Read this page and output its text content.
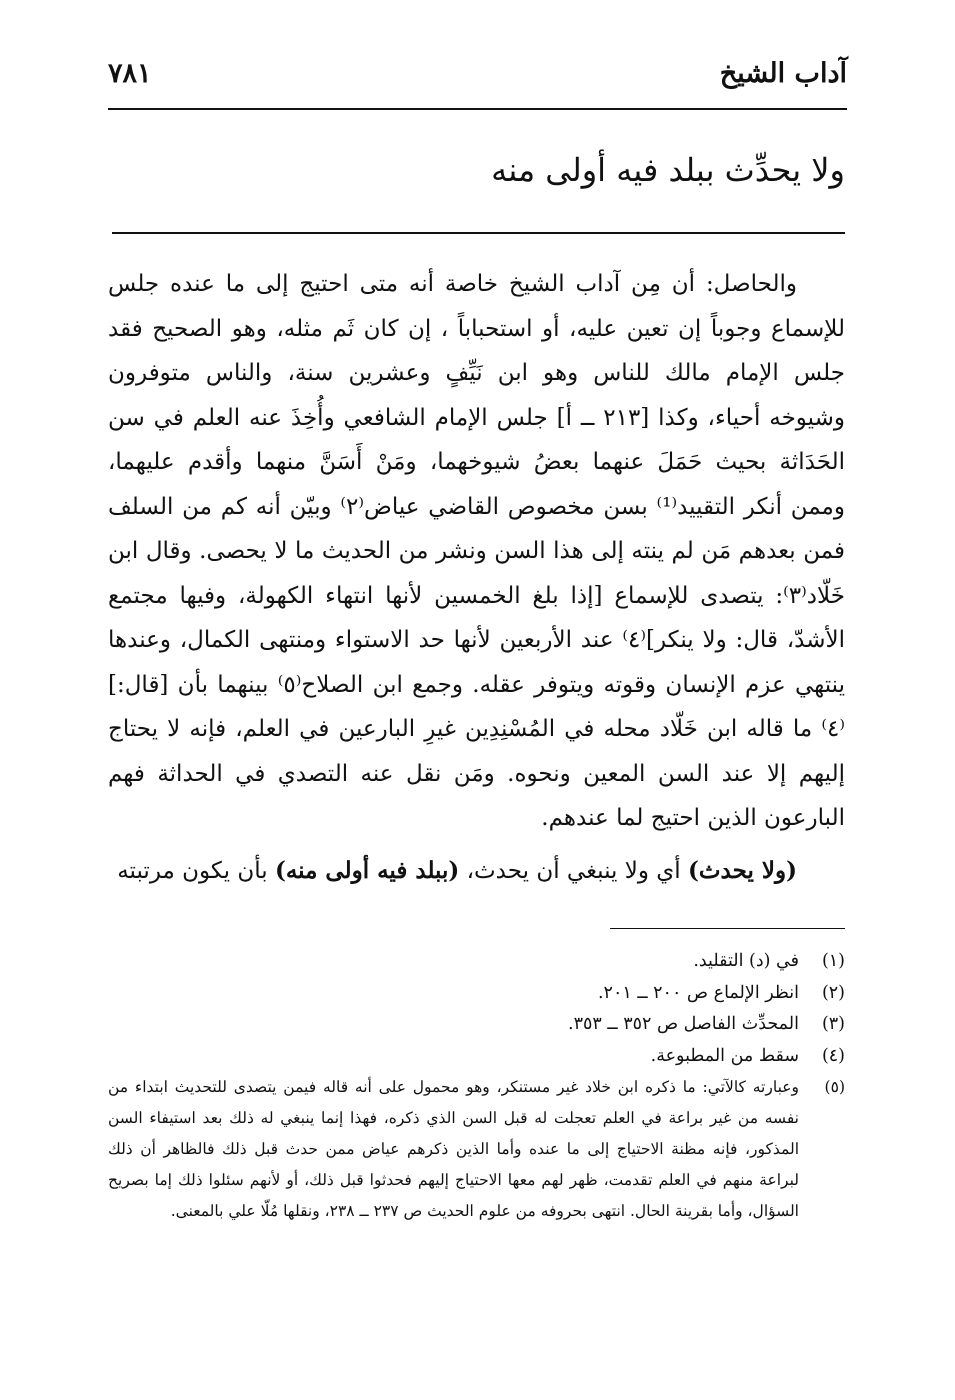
آداب الشيخ
٧٨١
ولا يحدِّث ببلد فيه أولى منه

والحاصل: أن مِن آداب الشيخ خاصة أنه متى احتيج إلى ما عنده جلس للإسماع وجوباً إن تعين عليه، أو استحباباً ، إن كان ثَم مثله، وهو الصحيح فقد جلس الإمام مالك للناس وهو ابن نَيِّفٍ وعشرين سنة، والناس متوفرون وشيوخه أحياء، وكذا [٢١٣ ــ أ] جلس الإمام الشافعي وأُخِذَ عنه العلم في سن الحَدَاثة بحيث حَمَلَ عنهما بعضُ شيوخهما، ومَنْ أَسَنَّ منهما وأقدم عليهما، وممن أنكر التقييد⁽¹⁾ بسن مخصوص القاضي عياض⁽٢⁾ وبيّن أنه كم من السلف فمن بعدهم مَن لم ينته إلى هذا السن ونشر من الحديث ما لا يحصى. وقال ابن خَلّاد⁽٣⁾: يتصدى للإسماع [إذا بلغ الخمسين لأنها انتهاء الكهولة، وفيها مجتمع الأشدّ، قال: ولا ينكر]⁽٤⁾ عند الأربعين لأنها حد الاستواء ومنتهى الكمال، وعندها ينتهي عزم الإنسان وقوته ويتوفر عقله. وجمع ابن الصلاح⁽٥⁾ بينهما بأن [قال:]⁽٤⁾ ما قاله ابن خَلّاد محله في المُسْنِدِين غيرِ البارعين في العلم، فإنه لا يحتاج إليهم إلا عند السن المعين ونحوه. ومَن نقل عنه التصدي في الحداثة فهم البارعون الذين احتيج لما عندهم.

(ولا يحدث) أي ولا ينبغي أن يحدث، (ببلد فيه أولى منه) بأن يكون مرتبته

(١)
في (د) التقليد.
(٢)
انظر الإلماع ص ٢٠٠ ــ ٢٠١.
(٣)
المحدِّث الفاصل ص ٣٥٢ ــ ٣٥٣.
(٤)
سقط من المطبوعة.
(٥)
وعبارته كالآتي: ما ذكره ابن خلاد غير مستنكر، وهو محمول على أنه قاله فيمن يتصدى للتحديث ابتداء من نفسه من غير براعة في العلم تعجلت له قبل السن الذي ذكره، فهذا إنما ينبغي له ذلك بعد استيفاء السن المذكور، فإنه مظنة الاحتياج إلى ما عنده وأما الذين ذكرهم عياض ممن حدث قبل ذلك فالظاهر أن ذلك لبراعة منهم في العلم تقدمت، ظهر لهم معها الاحتياج إليهم فحدثوا قبل ذلك، أو لأنهم سئلوا ذلك إما بصريح السؤال، وأما بقرينة الحال. انتهى بحروفه من علوم الحديث ص ٢٣٧ ــ ٢٣٨، ونقلها مُلّا علي بالمعنى.
